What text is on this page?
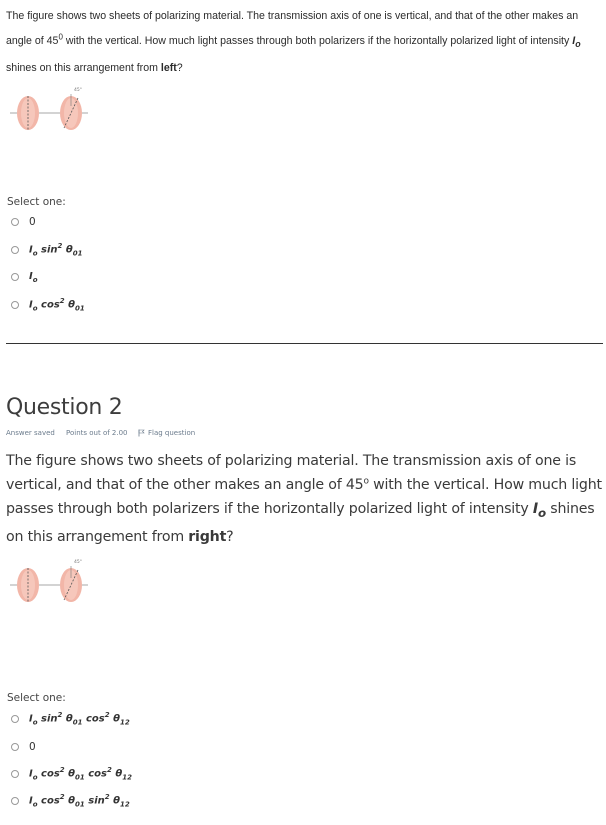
The figure shows two sheets of polarizing material. The transmission axis of one is vertical, and that of the other makes an angle of $45^0$ with the vertical. How much light passes through both polarizers if the horizontally polarized light of intensity $I_o$ shines on this arrangement from left?
45°
Select one:
0
$I_o$ $\sin^2 \theta_{01}$
$I_o$
$I_o$ $\cos^2 \theta_{01}$
Question 2
Answer saved Points out of 2.00	Flag question
The figure shows two sheets of polarizing material. The transmission axis of one is vertical, and that of the other makes an angle of 45$^o$ with the vertical. How much light passes through both polarizers if the horizontally polarized light of intensity $I_o$ shines on this arrangement from right?
45°
Select one:
$I_o$ $\sin^2 \theta_{01}$ $\cos^2 \theta_{12}$
0
$I_o$ $\cos^2 \theta_{01}$ $\cos^2 \theta_{12}$
$I_o$ $\cos^2 \theta_{01}$ $\sin^2 \theta_{12}$
